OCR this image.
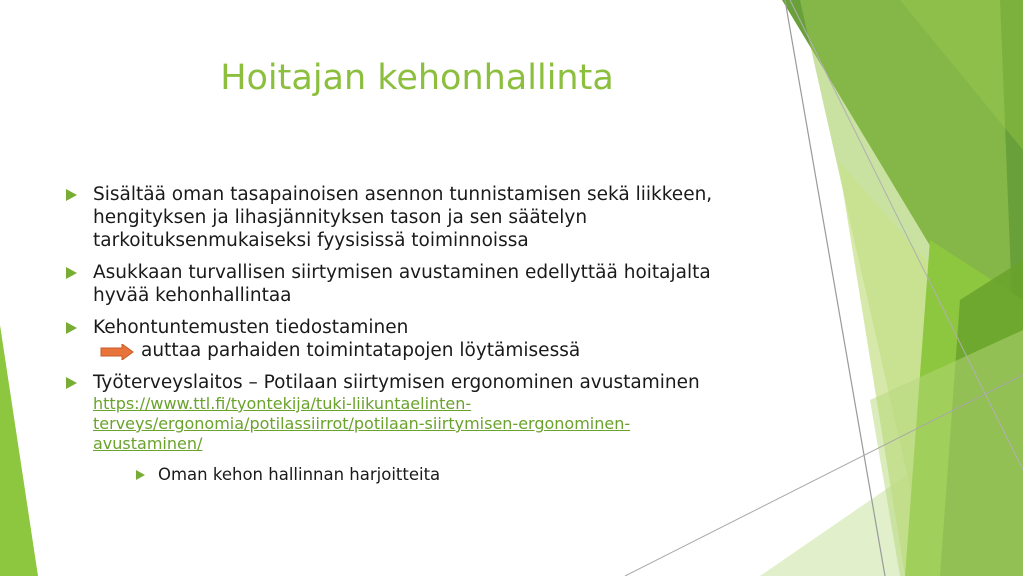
Hoitajan kehonhallinta
Sisältää oman tasapainoisen asennon tunnistamisen sekä liikkeen,
hengityksen ja lihasjännityksen tason ja sen säätelyn
tarkoituksenmukaiseksi fyysisissä toiminnoissa
Asukkaan turvallisen siirtymisen avustaminen edellyttää hoitajalta
hyvää kehonhallintaa
Kehontuntemusten tiedostaminen
auttaa parhaiden toimintatapojen löytämisessä
Työterveyslaitos – Potilaan siirtymisen ergonominen avustaminen
https://www.ttl.fi/tyontekija/tuki-liikuntaelinten-
terveys/ergonomia/potilassiirrot/potilaan-siirtymisen-ergonominen-
avustaminen/
Oman kehon hallinnan harjoitteita
